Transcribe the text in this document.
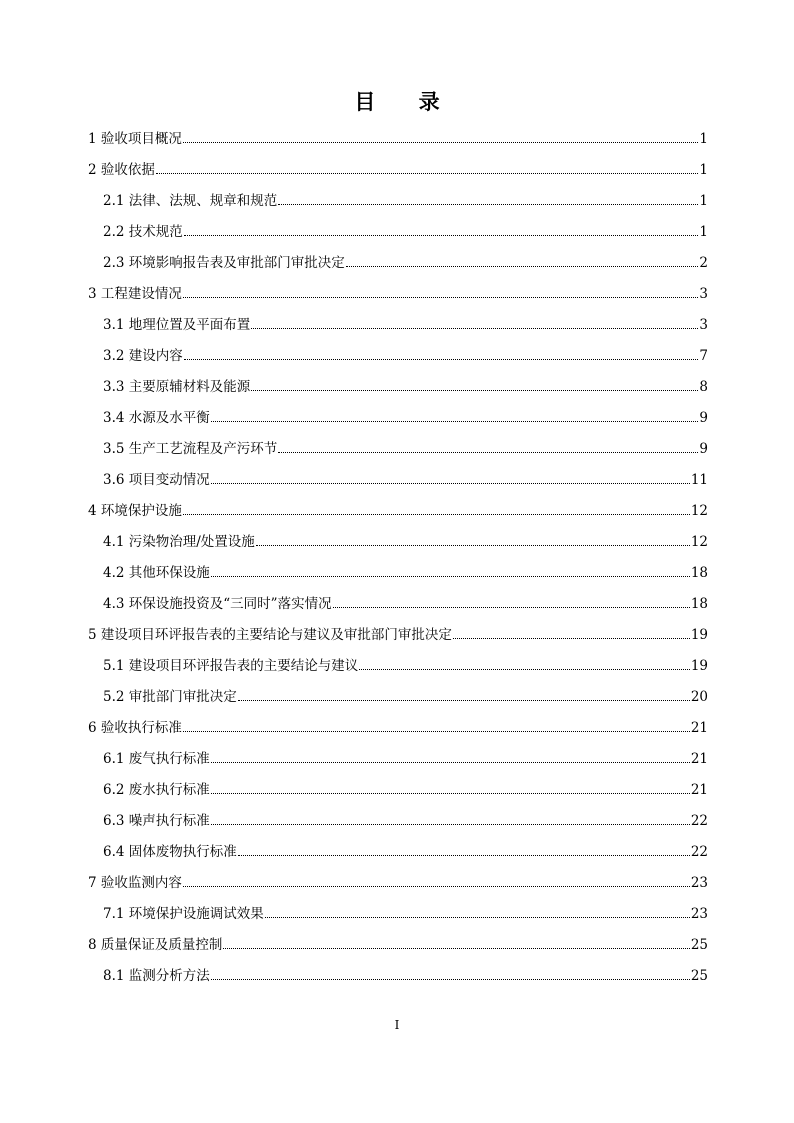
目 录
1 验收项目概况	1
2 验收依据	1
2.1 法律、法规、规章和规范	1
2.2 技术规范	1
2.3 环境影响报告表及审批部门审批决定	2
3 工程建设情况	3
3.1 地理位置及平面布置	3
3.2 建设内容	7
3.3 主要原辅材料及能源	8
3.4 水源及水平衡	9
3.5 生产工艺流程及产污环节	9
3.6 项目变动情况	11
4 环境保护设施	12
4.1 污染物治理/处置设施	12
4.2 其他环保设施	18
4.3 环保设施投资及“三同时”落实情况	18
5 建设项目环评报告表的主要结论与建议及审批部门审批决定	19
5.1 建设项目环评报告表的主要结论与建议	19
5.2 审批部门审批决定	20
6 验收执行标准	21
6.1 废气执行标准	21
6.2 废水执行标准	21
6.3 噪声执行标准	22
6.4 固体废物执行标准	22
7 验收监测内容	23
7.1 环境保护设施调试效果	23
8 质量保证及质量控制	25
8.1 监测分析方法	25
I
